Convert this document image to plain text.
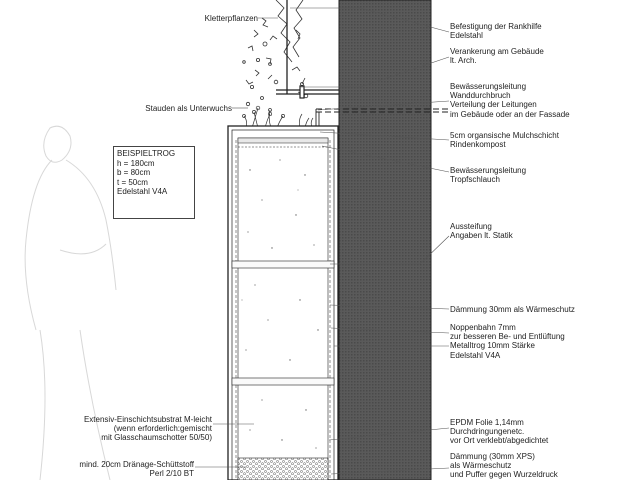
Kletterpflanzen
Stauden als Unterwuchs
Extensiv-Einschichtsubstrat M-leicht
(wenn erforderlich:gemischt
mit Glasschaumschotter 50/50)
mind. 20cm Dränage-Schüttstoff
Perl 2/10 BT
BEISPIELTROG
h = 180cm
b = 80cm
t = 50cm
Edelstahl V4A
Befestigung der Rankhilfe
Edelstahl
Verankerung am Gebäude
lt. Arch.
Bewässerungsleitung
Wanddurchbruch
Verteilung der Leitungen
im Gebäude oder an der Fassade
5cm organsische Mulchschicht
Rindenkompost
Bewässerungsleitung
Tropfschlauch
Aussteifung
Angaben lt. Statik
Dämmung 30mm als Wärmeschutz
Noppenbahn 7mm
zur besseren Be- und Entlüftung
Metalltrog 10mm Stärke
Edelstahl V4A
EPDM Folie 1,14mm
Durchdringungenetc.
vor Ort verklebt/abgedichtet
Dämmung (30mm XPS)
als Wärmeschutz
und Puffer gegen Wurzeldruck
